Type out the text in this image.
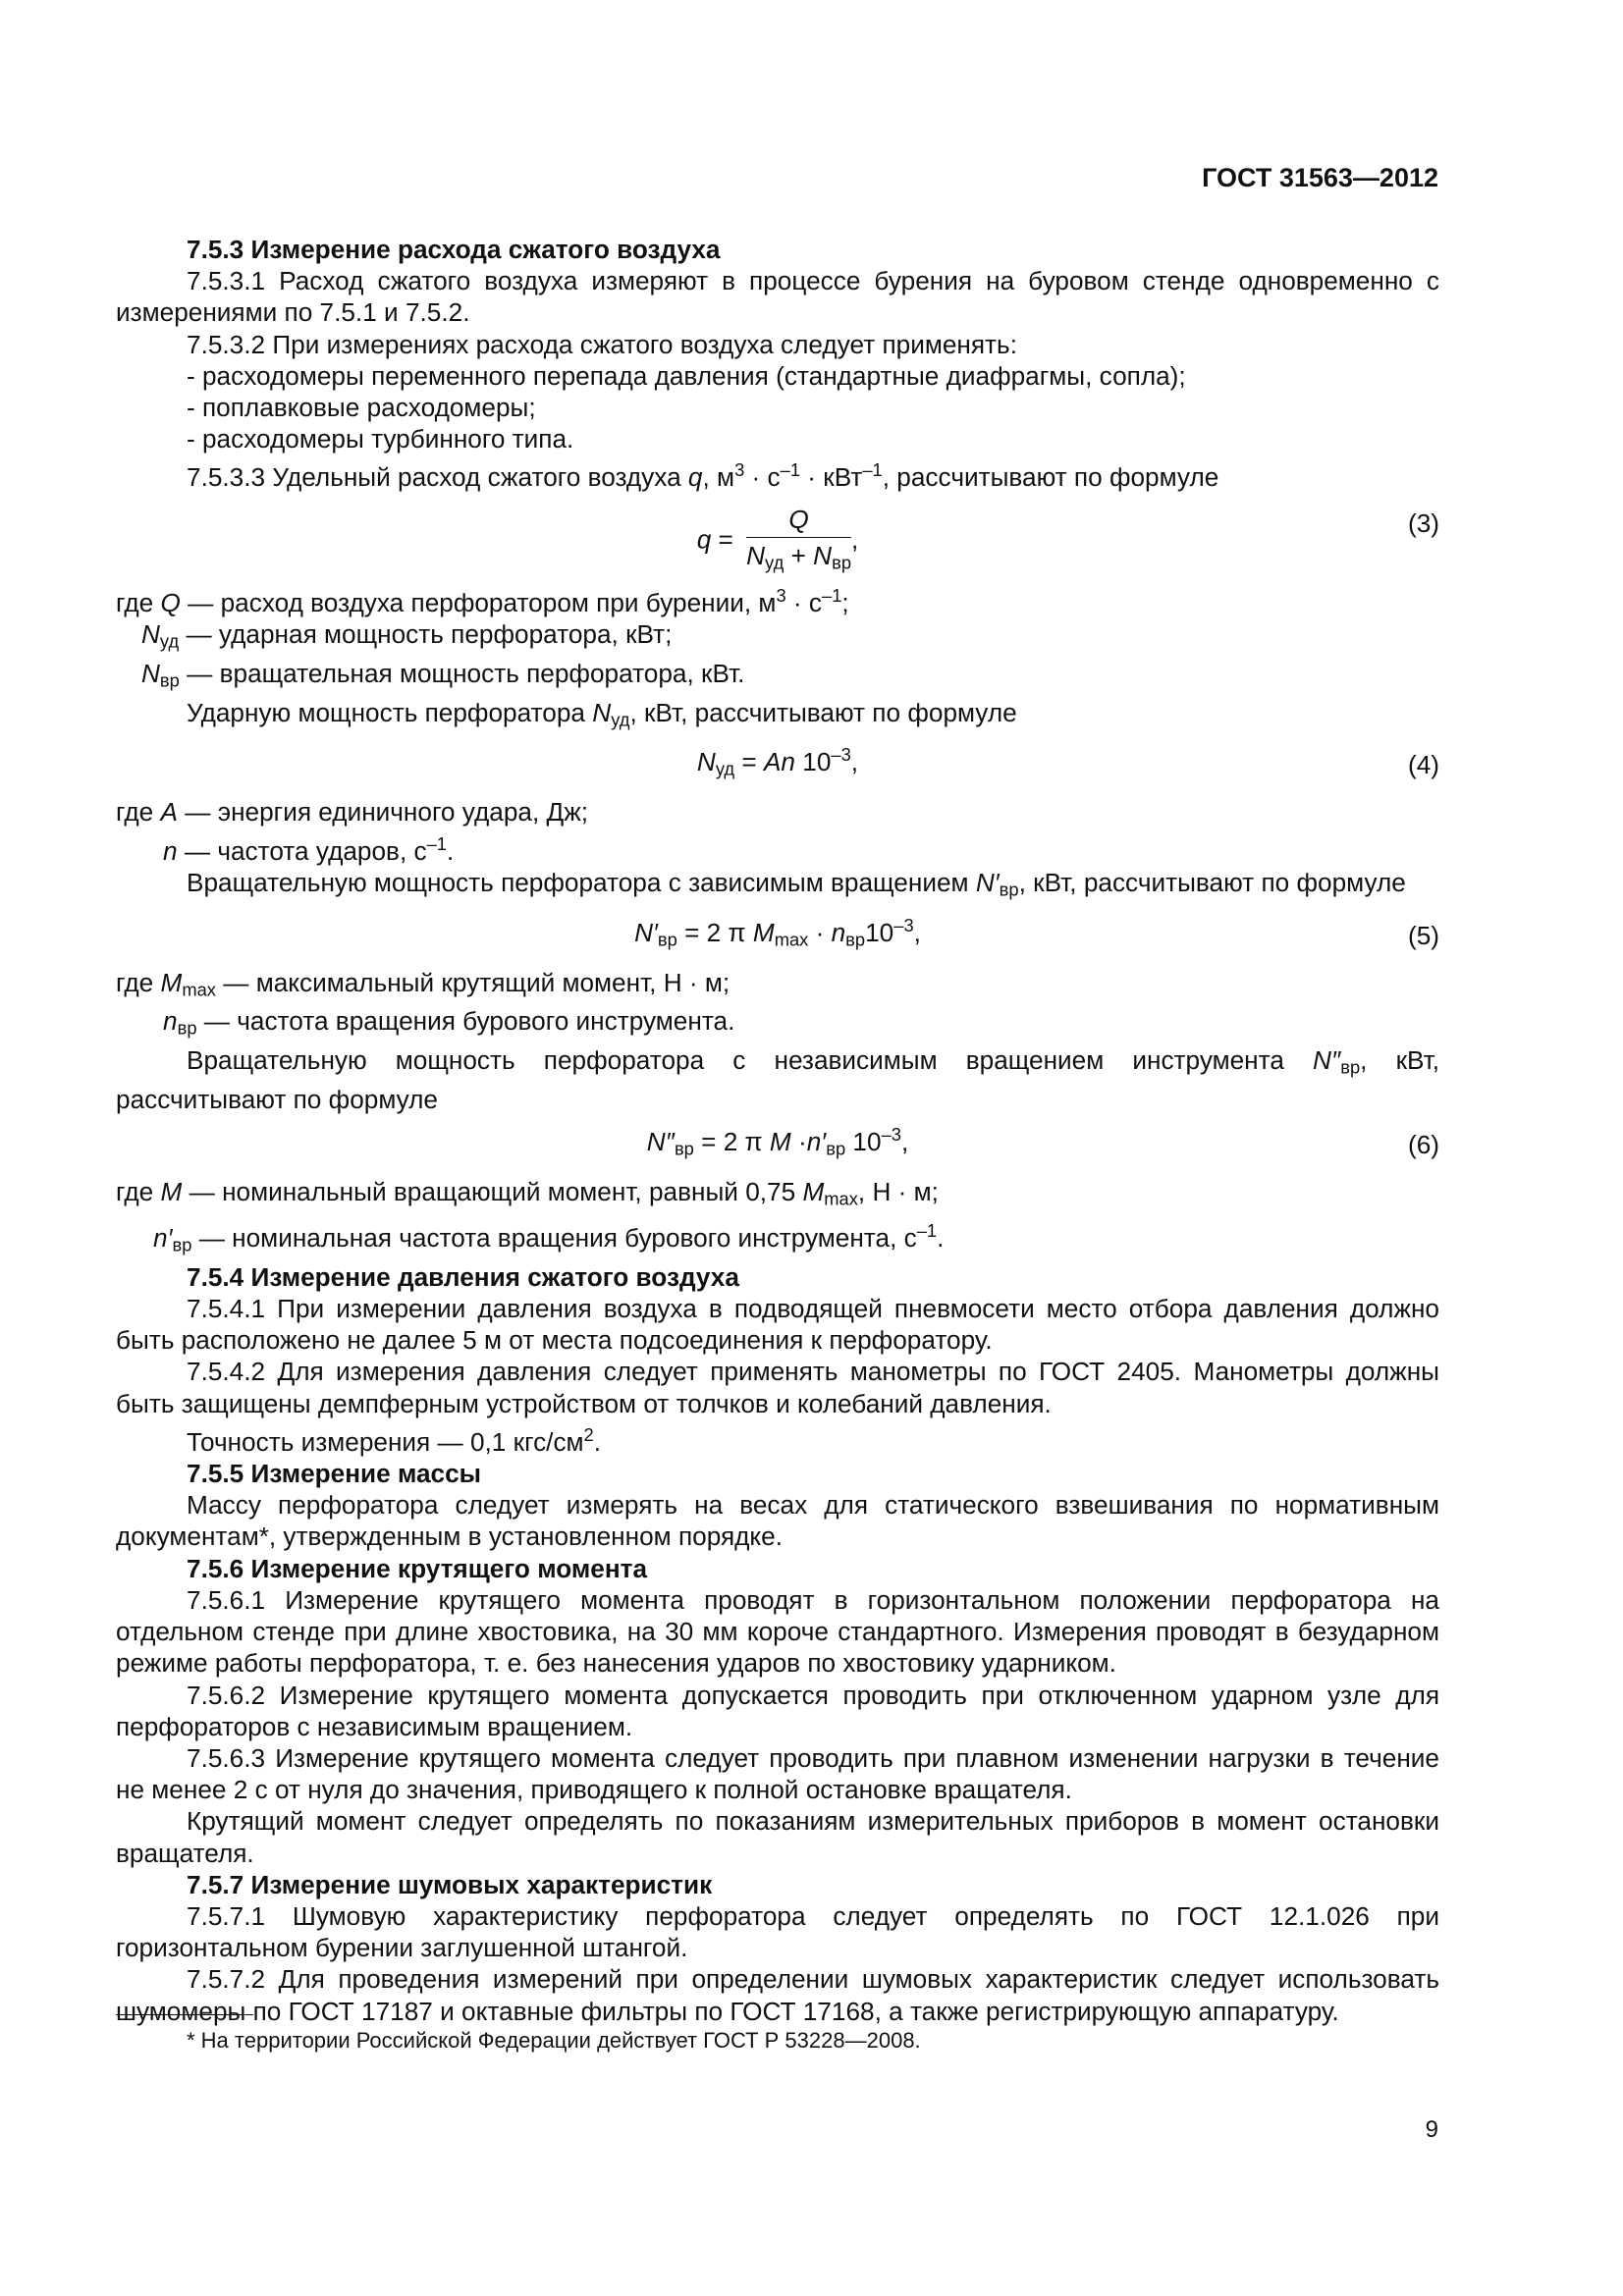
ГОСТ 31563—2012

7.5.3 Измерение расхода сжатого воздуха

7.5.3.1 Расход сжатого воздуха измеряют в процессе бурения на буровом стенде одновременно с измерениями по 7.5.1 и 7.5.2.

7.5.3.2 При измерениях расхода сжатого воздуха следует применять:

- расходомеры переменного перепада давления (стандартные диафрагмы, сопла);

- поплавковые расходомеры;

- расходомеры турбинного типа.

7.5.3.3 Удельный расход сжатого воздуха q, $м^3 \cdot с^{-1} \cdot кВт^{-1}$, рассчитывают по формуле

$q = \frac{Q}{N_{уд} + N_{вр}}$ ,
(3)

где Q — расход воздуха перфоратором при бурении, $м^3 \cdot с^{-1}$;

$N_{уд}$ — ударная мощность перфоратора, кВт;

$N_{вр}$ — вращательная мощность перфоратора, кВт.

Ударную мощность перфоратора $N_{уд}$, кВт, рассчитывают по формуле

$N_{уд} = An$ $10^{-3}$,	(4)

где A — энергия единичного удара, Дж;

n — частота ударов, $с^{-1}$.

Вращательную мощность перфоратора с зависимым вращением $N'_{вр}$, кВт, рассчитывают по формуле

$N'_{вр} = 2$ π $M_{max} \cdot n_{вр}10^{-3}$,	(5)

где $M_{max}$ — максимальный крутящий момент, Н · м;

$n_{вр}$ — частота вращения бурового инструмента.

Вращательную мощность перфоратора с независимым вращением инструмента $N''_{вр}$, кВт, рассчитывают по формуле

$N''_{вр} = 2$ π $M \cdot n'_{вр}$ $10^{-3}$,	(6)

где M — номинальный вращающий момент, равный 0,75 $M_{max}$, Н · м;

$n'_{вр}$ — номинальная частота вращения бурового инструмента, $с^{-1}$.

7.5.4 Измерение давления сжатого воздуха

7.5.4.1 При измерении давления воздуха в подводящей пневмосети место отбора давления должно быть расположено не далее 5 м от места подсоединения к перфоратору.

7.5.4.2 Для измерения давления следует применять манометры по ГОСТ 2405. Манометры должны быть защищены демпферным устройством от толчков и колебаний давления.

Точность измерения — 0,1 кгс/$см^2$.

7.5.5 Измерение массы

Массу перфоратора следует измерять на весах для статического взвешивания по нормативным документам*, утвержденным в установленном порядке.

7.5.6 Измерение крутящего момента

7.5.6.1 Измерение крутящего момента проводят в горизонтальном положении перфоратора на отдельном стенде при длине хвостовика, на 30 мм короче стандартного. Измерения проводят в безударном режиме работы перфоратора, т. е. без нанесения ударов по хвостовику ударником.

7.5.6.2 Измерение крутящего момента допускается проводить при отключенном ударном узле для перфораторов с независимым вращением.

7.5.6.3 Измерение крутящего момента следует проводить при плавном изменении нагрузки в течение не менее 2 с от нуля до значения, приводящего к полной остановке вращателя.

Крутящий момент следует определять по показаниям измерительных приборов в момент остановки вращателя.

7.5.7 Измерение шумовых характеристик

7.5.7.1 Шумовую характеристику перфоратора следует определять по ГОСТ 12.1.026 при горизонтальном бурении заглушенной штангой.

7.5.7.2 Для проведения измерений при определении шумовых характеристик следует использовать шумомеры по ГОСТ 17187 и октавные фильтры по ГОСТ 17168, а также регистрирующую аппаратуру.

* На территории Российской Федерации действует ГОСТ Р 53228—2008.
9
